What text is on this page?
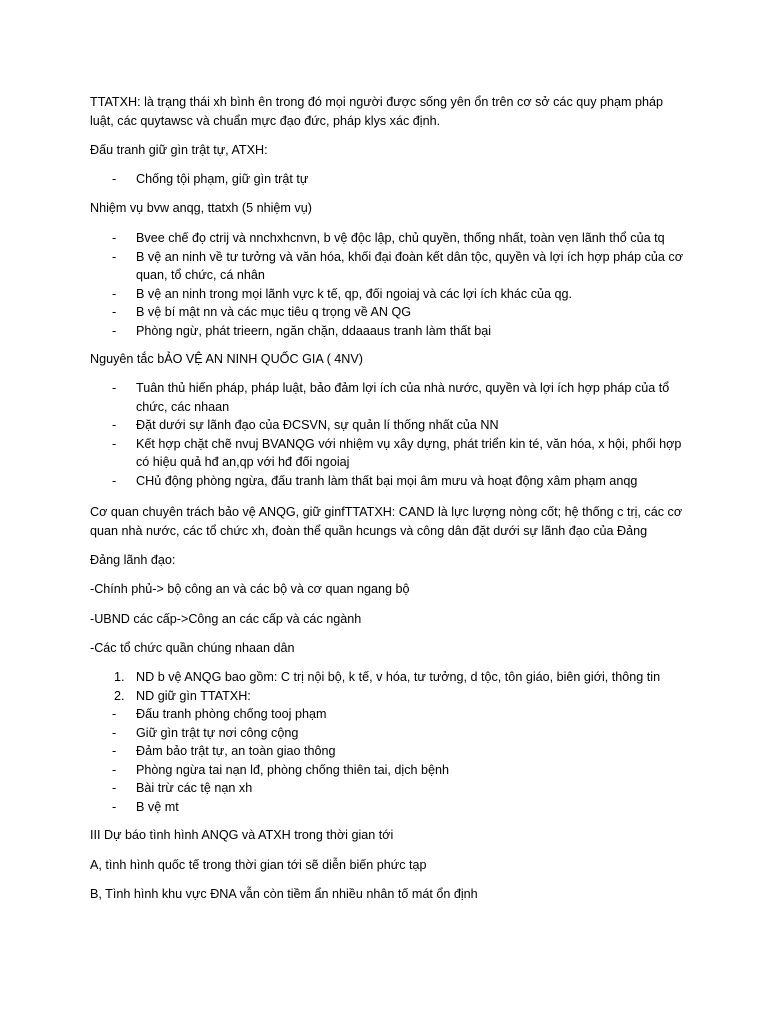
TTATXH: là trạng thái xh bình ên trong đó mọi người được sống yên ổn trên cơ sở các quy phạm pháp luật, các quytawsc và chuẩn mực đạo đức, pháp klys xác định.

Đấu tranh giữ gìn trật tự, ATXH:

- Chống tội phạm, giữ gìn trật tự

Nhiệm vụ bvw anqg, ttatxh (5 nhiệm vụ)

- Bvee chế đọ ctrij và nnchxhcnvn, b vệ độc lập, chủ quyền, thống nhất, toàn vẹn lãnh thổ của tq
- B vệ an ninh về tư tưởng và văn hóa, khối đại đoàn kết dân tộc, quyền và lợi ích hợp pháp của cơ quan, tổ chức, cá nhân
- B vệ an ninh trong mọi lãnh vực k tế, qp, đối ngoiaj và các lợi ích khác của qg.
- B vệ bí mật nn và các mục tiêu q trọng về AN QG
- Phòng ngừ, phát trieern, ngăn chặn, ddaaaus tranh làm thất bại

Nguyên tắc bẢO VỆ AN NINH QUỐC GIA ( 4NV)

- Tuân thủ hiến pháp, pháp luật, bảo đảm lợi ích của nhà nước, quyền và lợi ích hợp pháp của tổ chức, các nhaan
- Đặt dưới sự lãnh đạo của ĐCSVN, sự quản lí thống nhất của NN
- Kết hợp chặt chẽ nvuj BVANQG với nhiệm vụ xây dựng, phát triển kin té, văn hóa, x hội, phối hợp có hiệu quả hđ an,qp với hđ đối ngoiaj
- CHủ động phòng ngừa, đấu tranh làm thất bại mọi âm mưu và hoạt động xâm phạm anqg

Cơ quan chuyên trách bảo vệ ANQG, giữ ginfTTATXH: CAND là lực lượng nòng cốt; hệ thống c trị, các cơ quan nhà nước, các tổ chức xh, đoàn thể quần hcungs và công dân đặt dưới sự lãnh đạo của Đảng

Đảng lãnh đạo:

-Chính phủ-> bộ công an và các bộ và cơ quan ngang bộ

-UBND các cấp->Công an các cấp và các ngành

-Các tổ chức quần chúng nhaan dân

1. ND b vệ ANQG bao gồm: C trị nội bộ, k tế, v hóa, tư tưởng, d tộc, tôn giáo, biên giới, thông tin
2. ND giữ gìn TTATXH:
- Đấu tranh phòng chống tooj phạm
- Giữ gìn trật tự nơi công cộng
- Đảm bảo trật tự, an toàn giao thông
- Phòng ngừa tai nạn lđ, phòng chống thiên tai, dịch bệnh
- Bài trừ các tệ nạn xh
- B vệ mt

III Dự báo tình hình ANQG và ATXH trong thời gian tới

A, tình hình quốc tế trong thời gian tới sẽ diễn biến phức tạp

B, Tình hình khu vực ĐNA vẫn còn tiềm ẩn nhiều nhân tố mát ổn định
